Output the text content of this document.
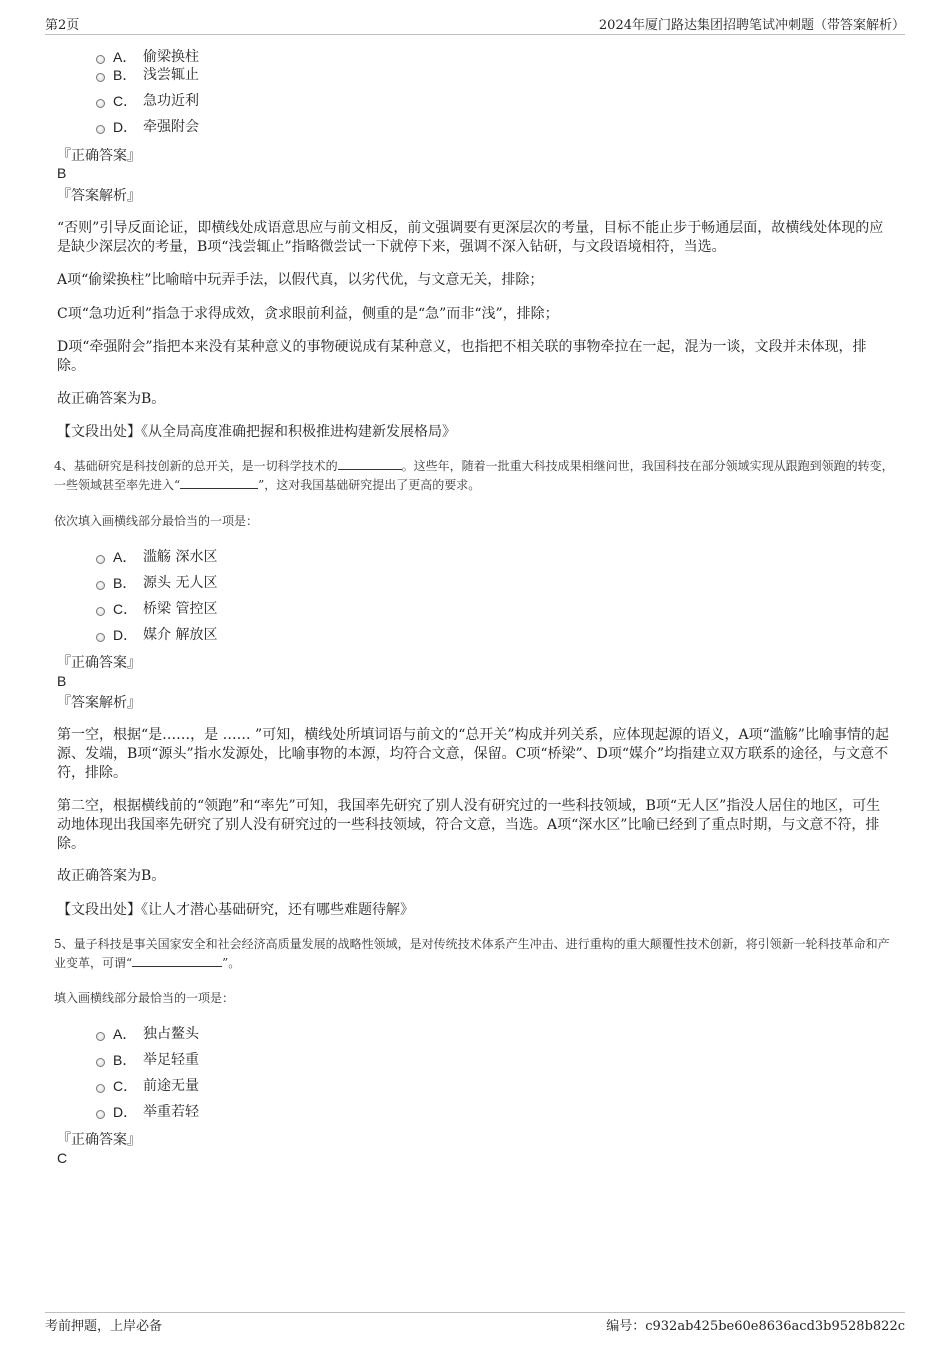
第2页	2024年厦门路达集团招聘笔试冲刺题（带答案解析）
A． 偷梁换柱
B． 浅尝辄止
C． 急功近利
D． 牵强附会
『正确答案』
B
『答案解析』
“否则”引导反面论证，即横线处成语意思应与前文相反，前文强调要有更深层次的考量，目标不能止步于畅通层面，故横线处体现的应是缺少深层次的考量，B项“浅尝辄止”指略微尝试一下就停下来，强调不深入钻研，与文段语境相符，当选。
A项“偷梁换柱”比喻暗中玩弄手法，以假代真，以劣代优，与文意无关，排除；
C项“急功近利”指急于求得成效，贪求眼前利益，侧重的是“急”而非“浅”，排除；
D项“牵强附会”指把本来没有某种意义的事物硬说成有某种意义，也指把不相关联的事物牵拉在一起，混为一谈，文段并未体现，排除。
故正确答案为B。
【文段出处】《从全局高度准确把握和积极推进构建新发展格局》
4、基础研究是科技创新的总开关，是一切科学技术的	。这些年，随着一批重大科技成果相继问世，我国科技在部分领域实现从跟跑到领跑的转变，一些领域甚至率先进入“	”，这对我国基础研究提出了更高的要求。
依次填入画横线部分最恰当的一项是：
A． 滥觞 深水区
B． 源头 无人区
C． 桥梁 管控区
D． 媒介 解放区
『正确答案』
B
『答案解析』
第一空，根据“是……，是 …… ”可知，横线处所填词语与前文的“总开关”构成并列关系，应体现起源的语义，A项“滥觞”比喻事情的起源、发端，B项“源头”指水发源处，比喻事物的本源，均符合文意，保留。C项“桥梁”、D项“媒介”均指建立双方联系的途径，与文意不符，排除。
第二空，根据横线前的“领跑”和“率先”可知，我国率先研究了别人没有研究过的一些科技领域，B项“无人区”指没人居住的地区，可生动地体现出我国率先研究了别人没有研究过的一些科技领域，符合文意，当选。A项“深水区”比喻已经到了重点时期，与文意不符，排除。
故正确答案为B。
【文段出处】《让人才潜心基础研究，还有哪些难题待解》
5、量子科技是事关国家安全和社会经济高质量发展的战略性领域，是对传统技术体系产生冲击、进行重构的重大颠覆性技术创新，将引领新一轮科技革命和产业变革，可谓“	”。
填入画横线部分最恰当的一项是：
A． 独占鳌头
B． 举足轻重
C． 前途无量
D． 举重若轻
『正确答案』
C
考前押题，上岸必备	编号：c932ab425be60e8636acd3b9528b822c
